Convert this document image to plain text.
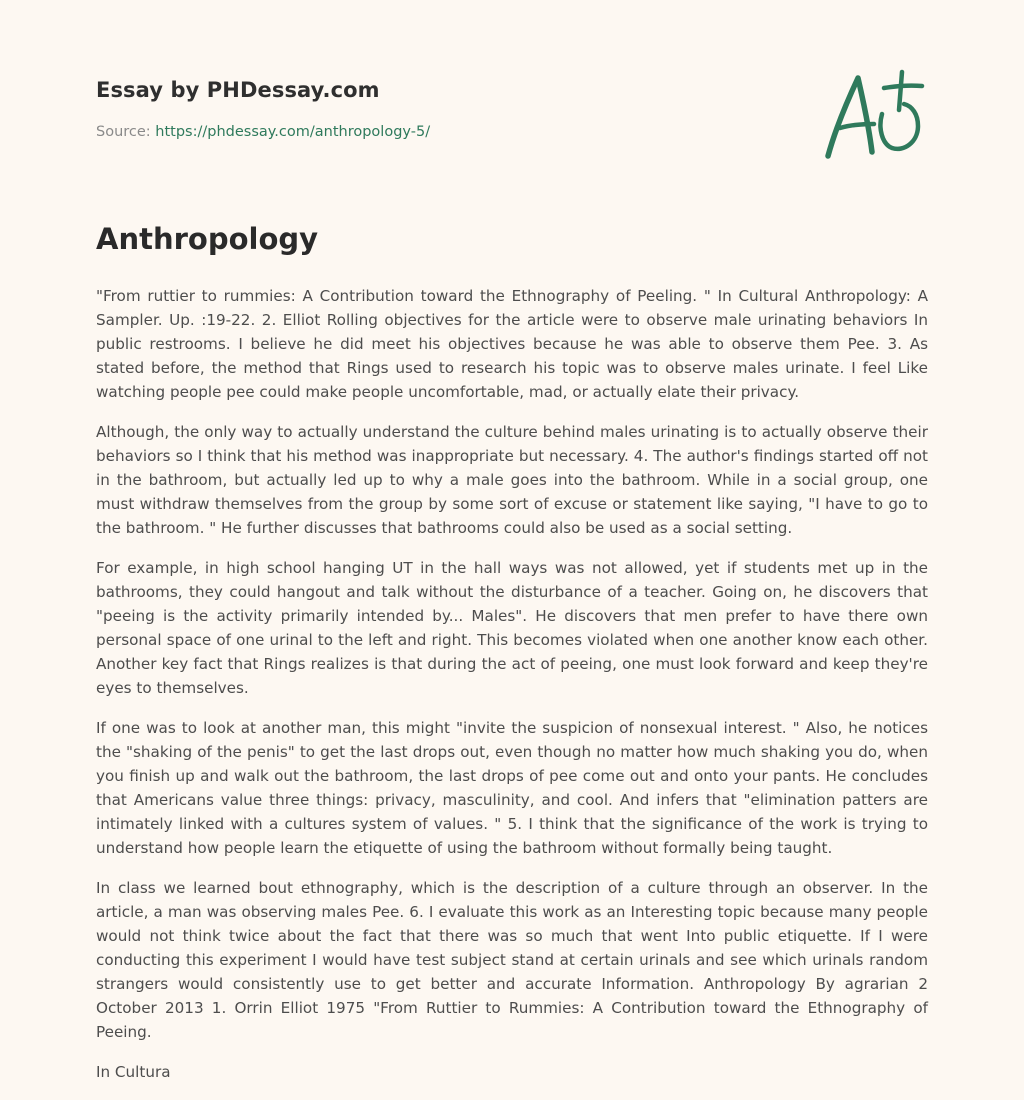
Essay by PHDessay.com
Source: https://phdessay.com/anthropology-5/
Anthropology

"From ruttier to rummies: A Contribution toward the Ethnography of Peeling. " In Cultural Anthropology: A Sampler. Up. :19-22. 2. Elliot Rolling objectives for the article were to observe male urinating behaviors In public restrooms. I believe he did meet his objectives because he was able to observe them Pee. 3. As stated before, the method that Rings used to research his topic was to observe males urinate. I feel Like watching people pee could make people uncomfortable, mad, or actually elate their privacy.

Although, the only way to actually understand the culture behind males urinating is to actually observe their behaviors so I think that his method was inappropriate but necessary. 4. The author's findings started off not in the bathroom, but actually led up to why a male goes into the bathroom. While in a social group, one must withdraw themselves from the group by some sort of excuse or statement like saying, "I have to go to the bathroom. " He further discusses that bathrooms could also be used as a social setting.

For example, in high school hanging UT in the hall ways was not allowed, yet if students met up in the bathrooms, they could hangout and talk without the disturbance of a teacher. Going on, he discovers that "peeing is the activity primarily intended by... Males". He discovers that men prefer to have there own personal space of one urinal to the left and right. This becomes violated when one another know each other. Another key fact that Rings realizes is that during the act of peeing, one must look forward and keep they're eyes to themselves.

If one was to look at another man, this might "invite the suspicion of nonsexual interest. " Also, he notices the "shaking of the penis" to get the last drops out, even though no matter how much shaking you do, when you finish up and walk out the bathroom, the last drops of pee come out and onto your pants. He concludes that Americans value three things: privacy, masculinity, and cool. And infers that "elimination patters are intimately linked with a cultures system of values. " 5. I think that the significance of the work is trying to understand how people learn the etiquette of using the bathroom without formally being taught.

In class we learned bout ethnography, which is the description of a culture through an observer. In the article, a man was observing males Pee. 6. I evaluate this work as an Interesting topic because many people would not think twice about the fact that there was so much that went Into public etiquette. If I were conducting this experiment I would have test subject stand at certain urinals and see which urinals random strangers would consistently use to get better and accurate Information. Anthropology By agrarian 2 October 2013 1. Orrin Elliot 1975 "From Ruttier to Rummies: A Contribution toward the Ethnography of Peeing.

In Cultura
